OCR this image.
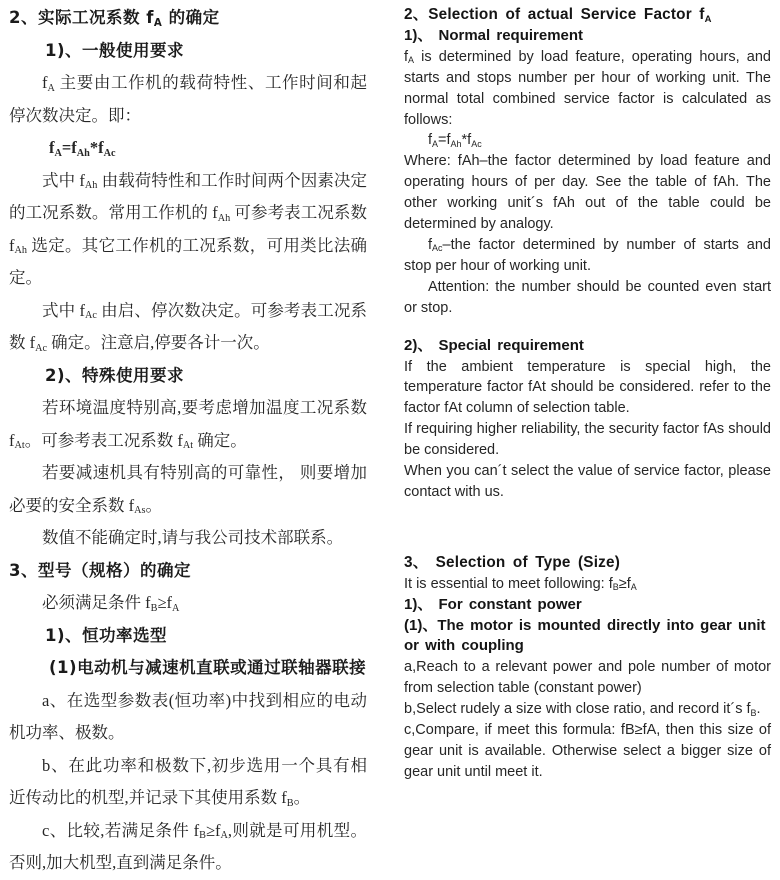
2、实际工况系数 $f_A$ 的确定
1)、一般使用要求
$f_A$ 主要由工作机的载荷特性、工作时间和起停次数决定。即：
$f_A=f_{Ah}*f_{Ac}$
式中 $f_{Ah}$ 由载荷特性和工作时间两个因素决定的工况系数。常用工作机的 $f_{Ah}$ 可参考表工况系数 $f_{Ah}$ 选定。其它工作机的工况系数，可用类比法确定。
式中 $f_{Ac}$ 由启、停次数决定。可参考表工况系数 $f_{Ac}$ 确定。注意启,停要各计一次。
2)、特殊使用要求
若环境温度特别高,要考虑增加温度工况系数 $f_{At}$。可参考表工况系数 $f_{At}$ 确定。
若要减速机具有特别高的可靠性， 则要增加必要的安全系数 $f_{As}$。
数值不能确定时,请与我公司技术部联系。
3、型号（规格）的确定
必须满足条件 $f_B\ge f_A$
1)、恒功率选型
(1)电动机与减速机直联或通过联轴器联接
a、在选型参数表(恒功率)中找到相应的电动机功率、极数。
b、在此功率和极数下,初步选用一个具有相近传动比的机型,并记录下其使用系数 $f_B$。
c、比较,若满足条件 $f_B\ge f_A$,则就是可用机型。否则,加大机型,直到满足条件。
2、Selection of actual Service Factor $f_A$
1)、 Normal requirement
$f_A$ is determined by load feature, operating hours, and starts and stops number per hour of working unit. The normal total combined service factor is calculated as follows:
$f_A=f_{Ah}*f_{Ac}$
Where: fAh–the factor determined by load feature and operating hours of per day. See the table of fAh. The other working unit´s fAh out of the table could be determined by analogy.
$f_{Ac}$–the factor determined by number of starts and stop per hour of working unit.
Attention: the number should be counted even start or stop.
2)、 Special requirement
If the ambient temperature is special high, the temperature factor fAt should be considered. refer to the factor fAt column of selection table.
If requiring higher reliability, the security factor fAs should be considered.
When you can´t select the value of service factor, please contact with us.
3、 Selection of Type (Size)
It is essential to meet following: $f_B\ge f_A$
1)、 For constant power
(1)、The motor is mounted directly into gear unit or with coupling
a,Reach to a relevant power and pole number of motor from selection table (constant power)
b,Select rudely a size with close ratio, and record it´s $f_B$.
c,Compare, if meet this formula: fB≥fA, then this size of gear unit is available. Otherwise select a bigger size of gear unit until meet it.
